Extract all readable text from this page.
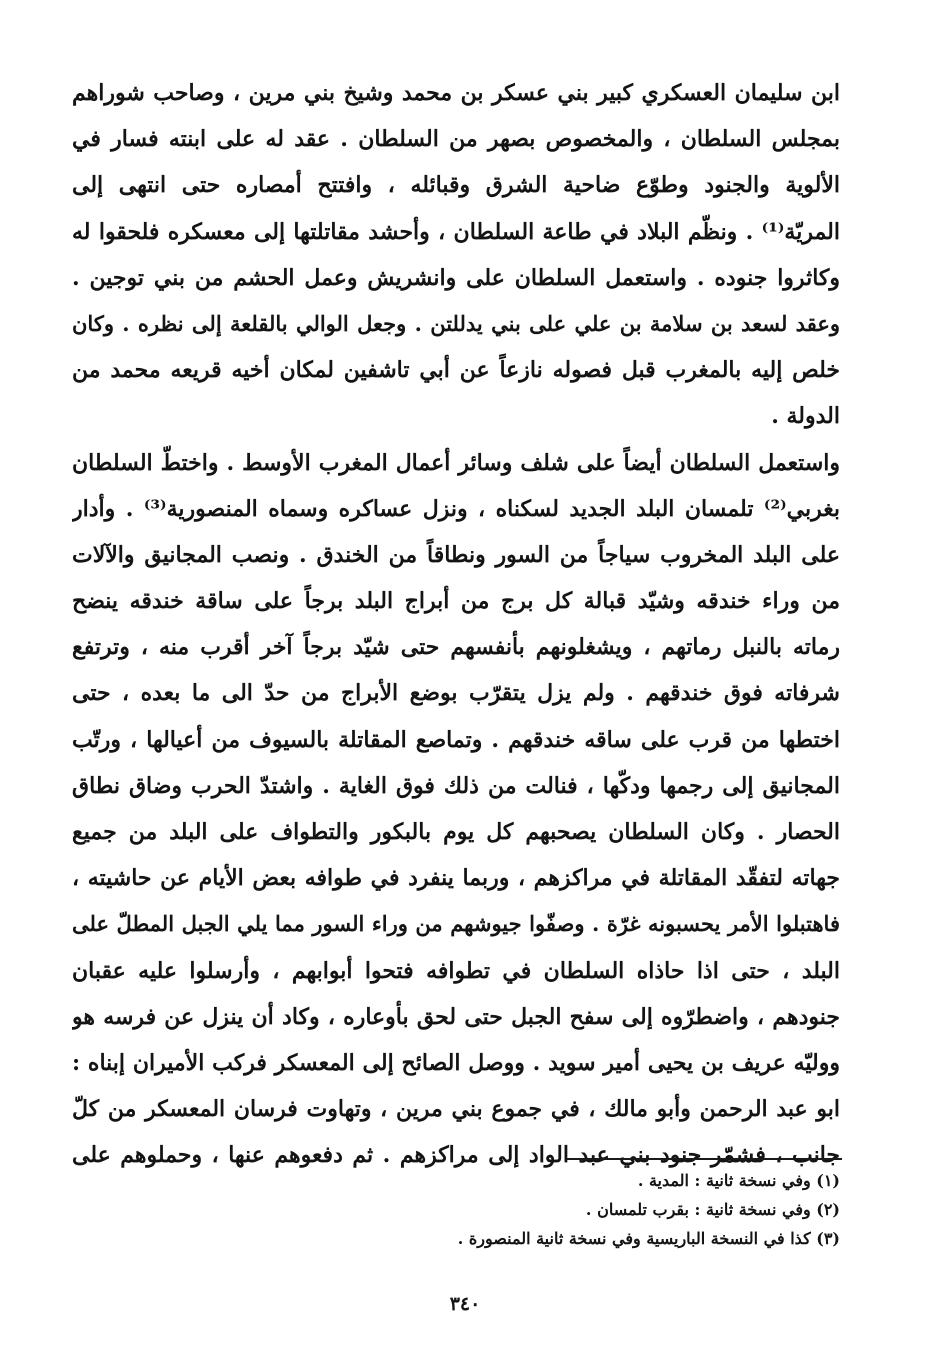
ابن سليمان العسكري كبير بني عسكر بن محمد وشيخ بني مرين ، وصاحب شوراهم
بمجلس السلطان ، والمخصوص بصهر من السلطان . عقد له على ابنته فسار في
الألوية والجنود وطوّع ضاحية الشرق وقبائله ، وافتتح أمصاره حتى انتهى إلى
المريّة⁽¹⁾ . ونظّم البلاد في طاعة السلطان ، وأحشد مقاتلتها إلى معسكره فلحقوا له
وكاثروا جنوده . واستعمل السلطان على وانشريش وعمل الحشم من بني توجين .
وعقد لسعد بن سلامة بن علي على بني يدللتن . وجعل الوالي بالقلعة إلى نظره . وكان
خلص إليه بالمغرب قبل فصوله نازعاً عن أبي تاشفين لمكان أخيه قريعه محمد من
الدولة .
واستعمل السلطان أيضاً على شلف وسائر أعمال المغرب الأوسط . واختطّ السلطان
بغربي⁽²⁾ تلمسان البلد الجديد لسكناه ، ونزل عساكره وسماه المنصورية⁽³⁾ . وأدار
على البلد المخروب سياجاً من السور ونطاقاً من الخندق . ونصب المجانيق والآلات
من وراء خندقه وشيّد قبالة كل برج من أبراج البلد برجاً على ساقة خندقه ينضح
رماته بالنبل رماتهم ، ويشغلونهم بأنفسهم حتى شيّد برجاً آخر أقرب منه ، وترتفع
شرفاته فوق خندقهم . ولم يزل يتقرّب بوضع الأبراج من حدّ الى ما بعده ، حتى
اختطها من قرب على ساقه خندقهم . وتماصع المقاتلة بالسيوف من أعيالها ، ورتّب
المجانيق إلى رجمها ودكّها ، فنالت من ذلك فوق الغاية . واشتدّ الحرب وضاق نطاق
الحصار . وكان السلطان يصحبهم كل يوم بالبكور والتطواف على البلد من جميع
جهاته لتفقّد المقاتلة في مراكزهم ، وربما ينفرد في طوافه بعض الأيام عن حاشيته ،
فاهتبلوا الأمر يحسبونه غرّة . وصفّوا جيوشهم من وراء السور مما يلي الجبل المطلّ على
البلد ، حتى اذا حاذاه السلطان في تطوافه فتحوا أبوابهم ، وأرسلوا عليه عقبان
جنودهم ، واضطرّوه إلى سفح الجبل حتى لحق بأوعاره ، وكاد أن ينزل عن فرسه هو
ووليّه عريف بن يحيى أمير سويد . ووصل الصائح إلى المعسكر فركب الأميران إبناه :
ابو عبد الرحمن وأبو مالك ، في جموع بني مرين ، وتهاوت فرسان المعسكر من كلّ
جانب ، فشمّر جنود بني عبد الواد إلى مراكزهم . ثم دفعوهم عنها ، وحملوهم على
(١) وفي نسخة ثانية : المدية .
(٢) وفي نسخة ثانية : بقرب تلمسان .
(٣) كذا في النسخة الباريسية وفي نسخة ثانية المنصورة .
٣٤٠
